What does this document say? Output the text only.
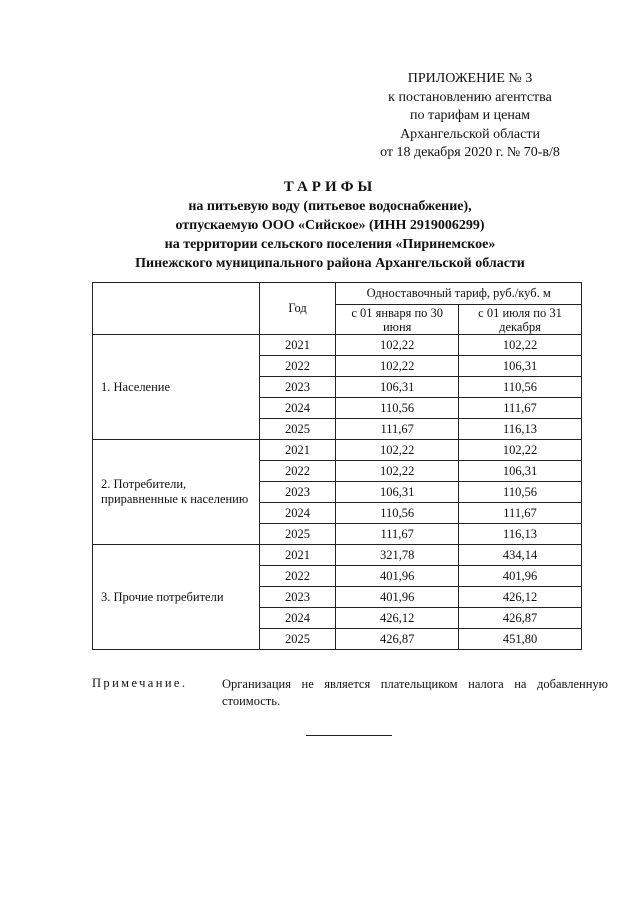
ПРИЛОЖЕНИЕ № 3
к постановлению агентства
по тарифам и ценам
Архангельской области
от 18 декабря 2020 г. № 70-в/8
ТАРИФЫ
на питьевую воду (питьевое водоснабжение),
отпускаемую ООО «Сийское» (ИНН 2919006299)
на территории сельского поселения «Пиринемское»
Пинежского муниципального района Архангельской области
	Год	Одноставочный тариф, руб./куб. м	
		с 01 января по 30 июня	с 01 июля по 31 декабря
1. Население	2021	102,22	102,22
	2022	102,22	106,31
	2023	106,31	110,56
	2024	110,56	111,67
	2025	111,67	116,13
2. Потребители, приравненные к населению	2021	102,22	102,22
	2022	102,22	106,31
	2023	106,31	110,56
	2024	110,56	111,67
	2025	111,67	116,13
3. Прочие потребители	2021	321,78	434,14
	2022	401,96	401,96
	2023	401,96	426,12
	2024	426,12	426,87
	2025	426,87	451,80
Примечание.	Организация не является плательщиком налога на добавленную стоимость.
